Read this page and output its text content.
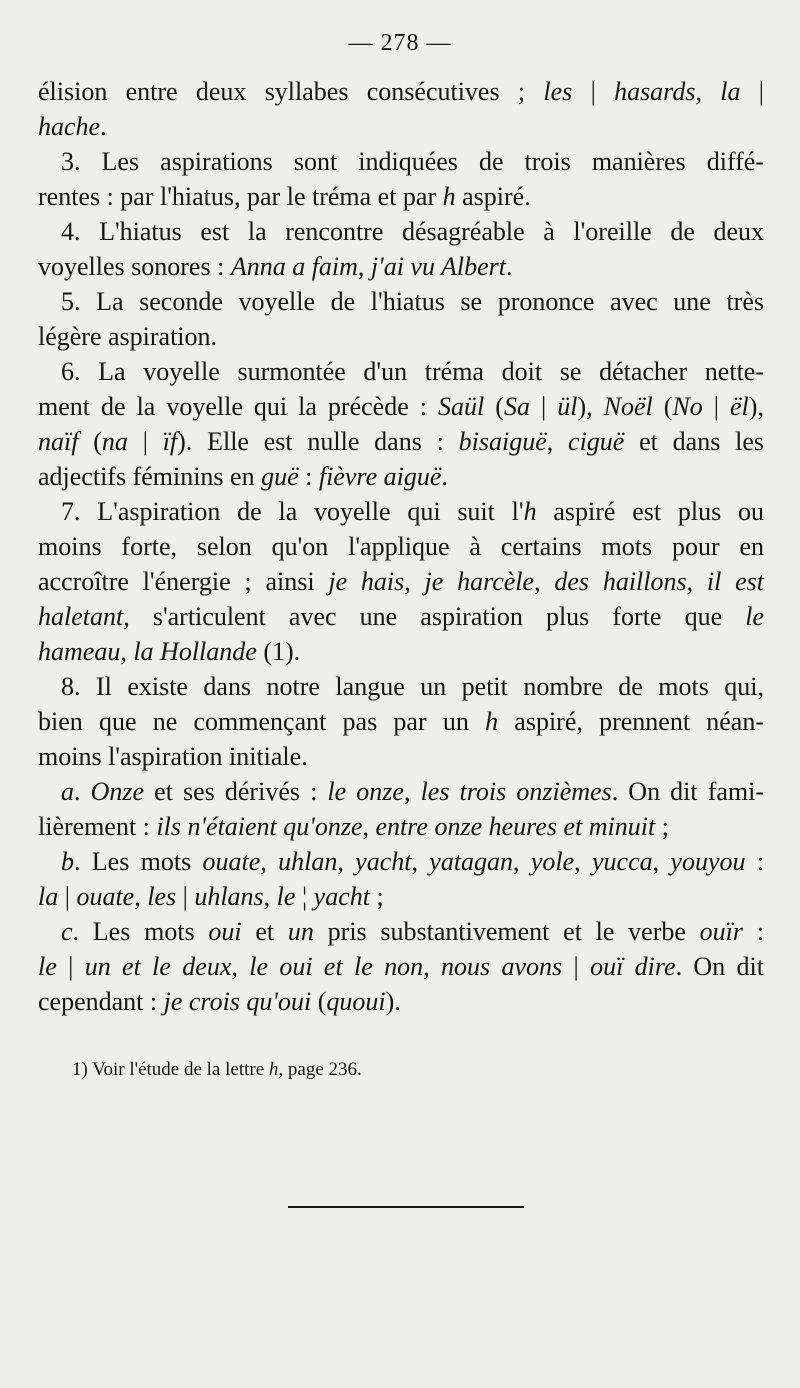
— 278 —
élision entre deux syllabes consécutives ; les | hasards, la |
hache.
3. Les aspirations sont indiquées de trois manières diffé-
rentes : par l'hiatus, par le tréma et par h aspiré.
4. L'hiatus est la rencontre désagréable à l'oreille de deux
voyelles sonores : Anna a faim, j'ai vu Albert.
5. La seconde voyelle de l'hiatus se prononce avec une très
légère aspiration.
6. La voyelle surmontée d'un tréma doit se détacher nette-
ment de la voyelle qui la précède : Saül (Sa | ül), Noël (No | ël),
naïf (na | ïf). Elle est nulle dans : bisaiguë, ciguë et dans les
adjectifs féminins en guë : fièvre aiguë.
7. L'aspiration de la voyelle qui suit l'h aspiré est plus ou
moins forte, selon qu'on l'applique à certains mots pour en
accroître l'énergie ; ainsi je hais, je harcèle, des haillons, il est
haletant, s'articulent avec une aspiration plus forte que le
hameau, la Hollande (1).
8. Il existe dans notre langue un petit nombre de mots qui,
bien que ne commençant pas par un h aspiré, prennent néan-
moins l'aspiration initiale.
a. Onze et ses dérivés : le onze, les trois onzièmes. On dit fami-
lièrement : ils n'étaient qu'onze, entre onze heures et minuit ;
b. Les mots ouate, uhlan, yacht, yatagan, yole, yucca, youyou :
la | ouate, les | uhlans, le ¦ yacht ;
c. Les mots oui et un pris substantivement et le verbe ouïr :
le | un et le deux, le oui et le non, nous avons | ouï dire. On dit
cependant : je crois qu'oui (quoui).
1) Voir l'étude de la lettre h, page 236.
